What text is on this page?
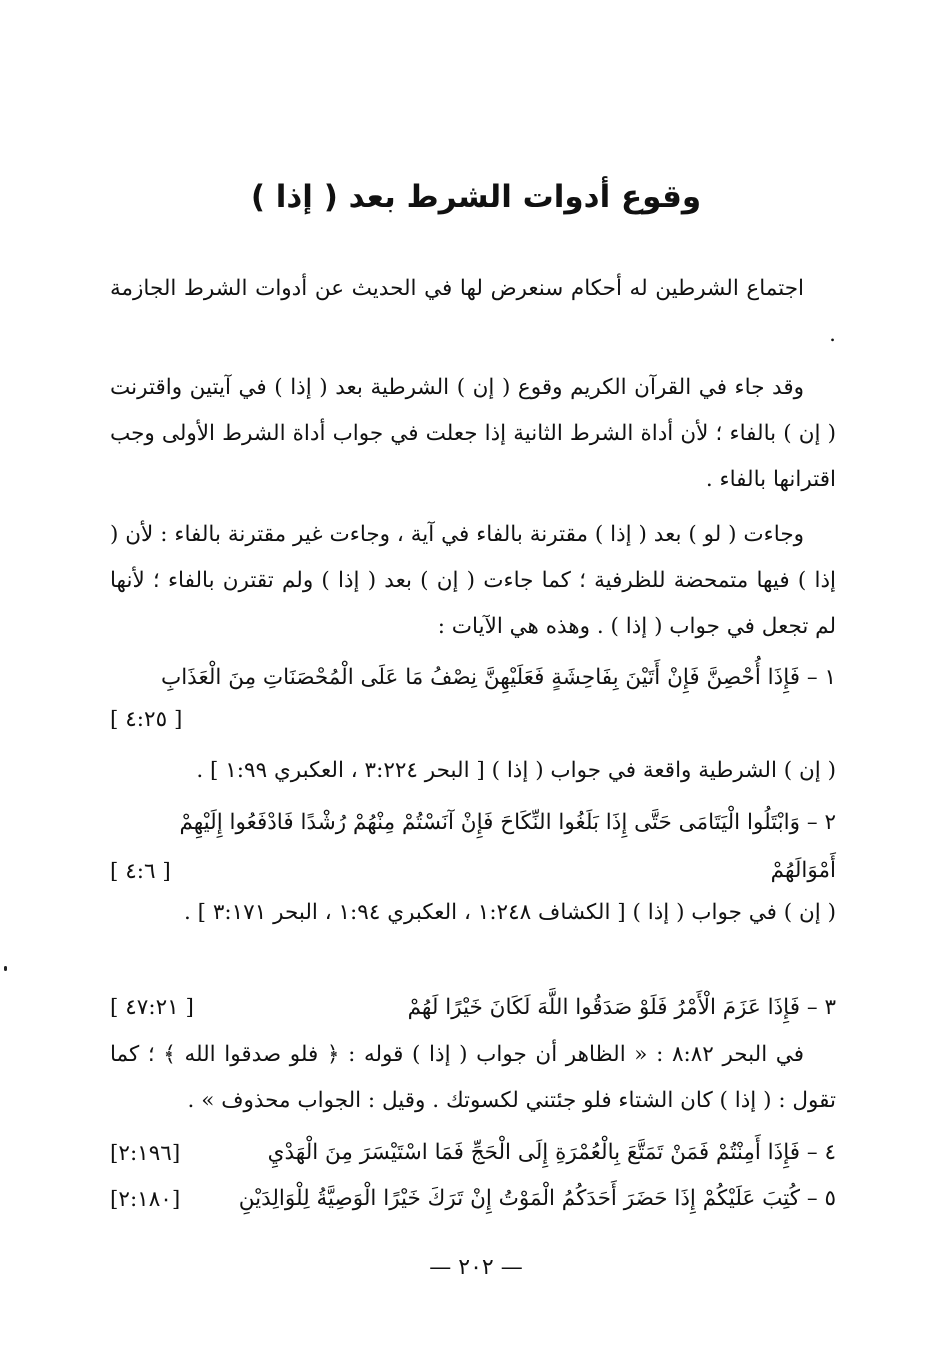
وقوع أدوات الشرط بعد ( إذا )

اجتماع الشرطين له أحكام سنعرض لها في الحديث عن أدوات الشرط الجازمة .

وقد جاء في القرآن الكريم وقوع ( إن ) الشرطية بعد ( إذا ) في آيتين واقترنت ( إن ) بالفاء ؛ لأن أداة الشرط الثانية إذا جعلت في جواب أداة الشرط الأولى وجب اقترانها بالفاء .

وجاءت ( لو ) بعد ( إذا ) مقترنة بالفاء في آية ، وجاءت غير مقترنة بالفاء : لأن ( إذا ) فيها متمحضة للظرفية ؛ كما جاءت ( إن ) بعد ( إذا ) ولم تقترن بالفاء ؛ لأنها لم تجعل في جواب ( إذا ) . وهذه هي الآيات :

١ – فَإِذَا أُحْصِنَّ فَإِنْ أَتَيْنَ بِفَاحِشَةٍ فَعَلَيْهِنَّ نِصْفُ مَا عَلَى الْمُحْصَنَاتِ مِنَ الْعَذَابِ

[ ٤:٢٥ ]

( إن ) الشرطية واقعة في جواب ( إذا ) [ البحر ٣:٢٢٤ ، العكبري ١:٩٩ ] .

٢ – وَابْتَلُوا الْيَتَامَى حَتَّى إِذَا بَلَغُوا النِّكَاحَ فَإِنْ آنَسْتُمْ مِنْهُمْ رُشْدًا فَادْفَعُوا إِلَيْهِمْ

أَمْوَالَهُمْ

[ ٤:٦ ]

( إن ) في جواب ( إذا ) [ الكشاف ١:٢٤٨ ، العكبري ١:٩٤ ، البحر ٣:١٧١ ] .

٣ – فَإِذَا عَزَمَ الْأَمْرُ فَلَوْ صَدَقُوا اللَّهَ لَكَانَ خَيْرًا لَهُمْ

[ ٤٧:٢١ ]

في البحر ٨:٨٢ : « الظاهر أن جواب ( إذا ) قوله : ﴿ فلو صدقوا الله ﴾ ؛ كما تقول : ( إذا ) كان الشتاء فلو جئتني لكسوتك . وقيل : الجواب محذوف » .

٤ – فَإِذَا أَمِنْتُمْ فَمَنْ تَمَتَّعَ بِالْعُمْرَةِ إِلَى الْحَجِّ فَمَا اسْتَيْسَرَ مِنَ الْهَدْيِ

[٢:١٩٦]

٥ – كُتِبَ عَلَيْكُمْ إِذَا حَضَرَ أَحَدَكُمُ الْمَوْتُ إِنْ تَرَكَ خَيْرًا الْوَصِيَّةُ لِلْوَالِدَيْنِ

[٢:١٨٠]
— ٢٠٢ —
